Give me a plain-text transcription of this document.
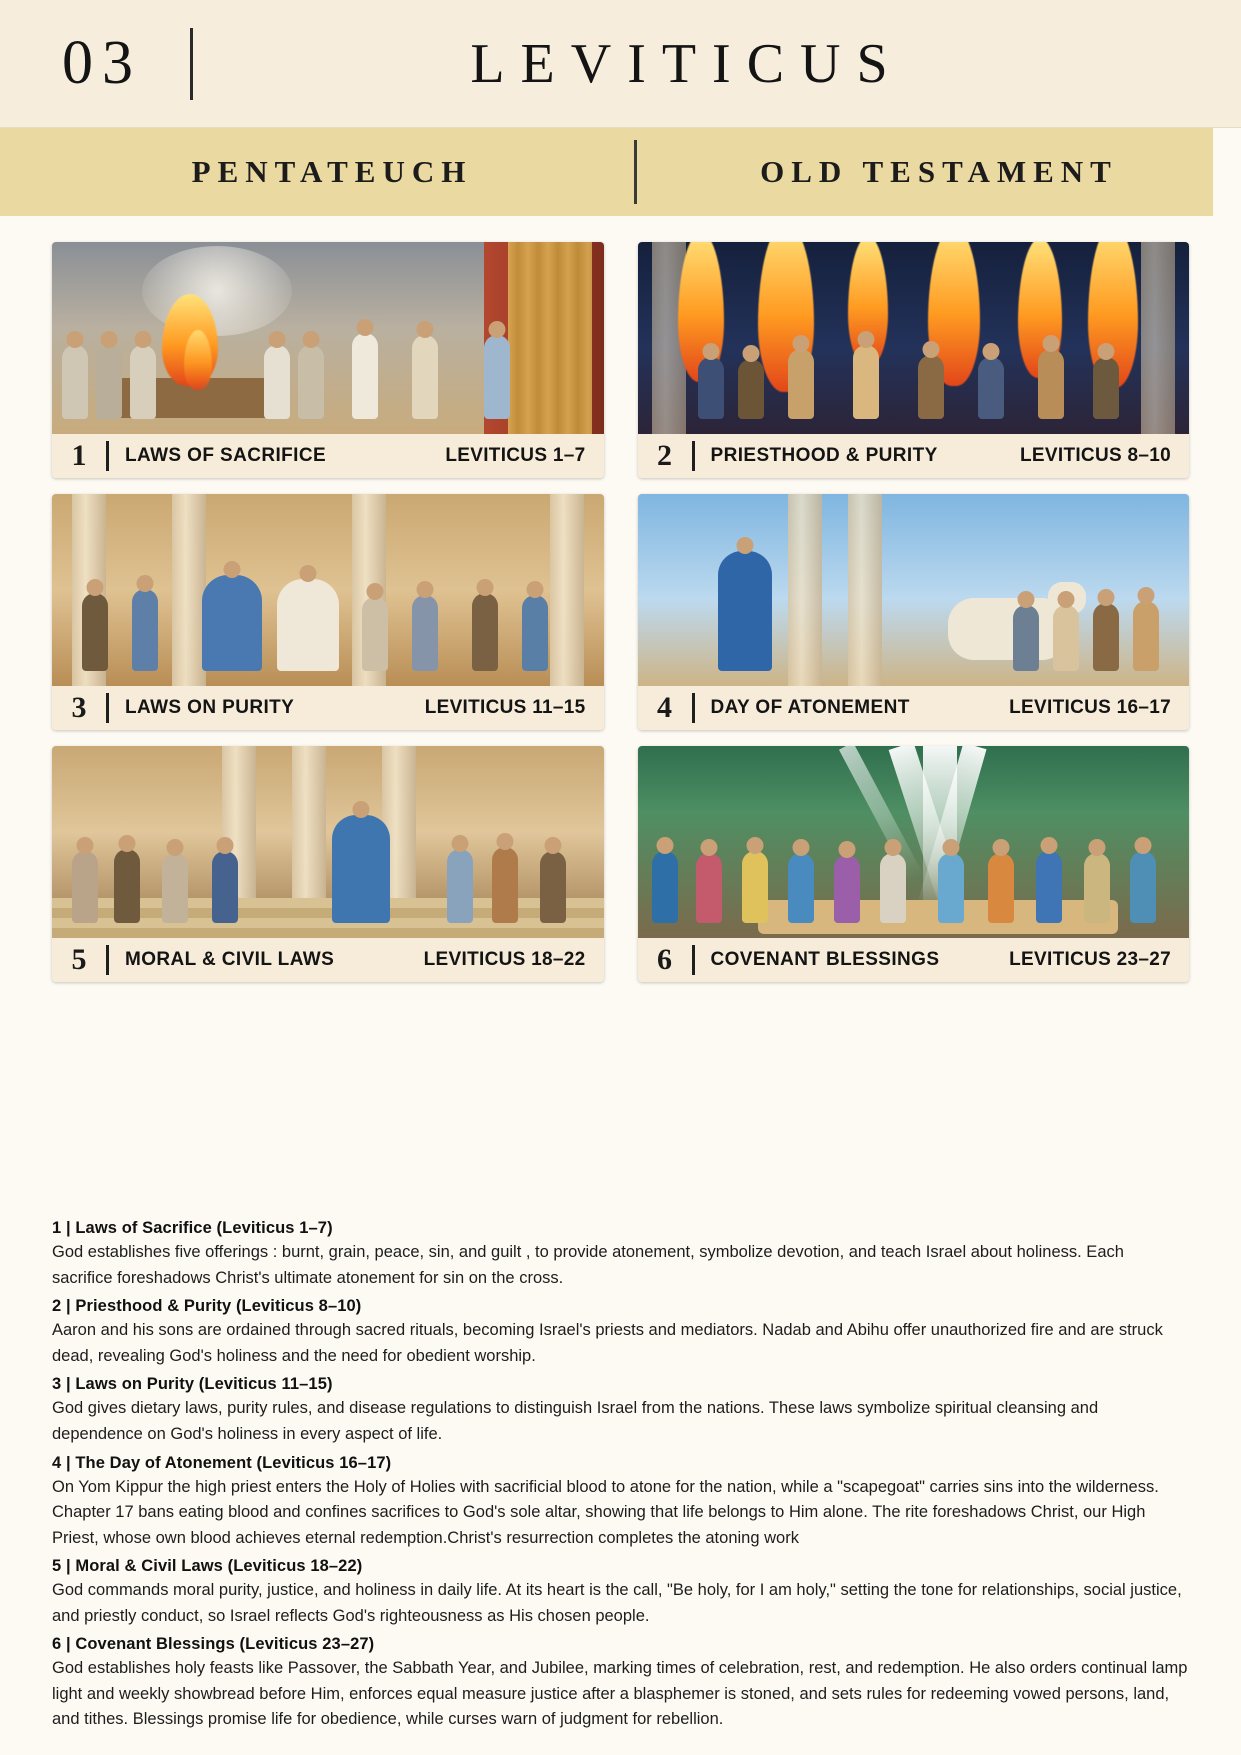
03	LEVITICUS
PENTATEUCH	OLD TESTAMENT
1	LAWS OF SACRIFICE	LEVITICUS 1–7	2	PRIESTHOOD & PURITY	LEVITICUS 8–10
3	LAWS ON PURITY	LEVITICUS 11–15	4	DAY OF ATONEMENT	LEVITICUS 16–17
5	MORAL & CIVIL LAWS	LEVITICUS 18–22	6	COVENANT BLESSINGS	LEVITICUS 23–27
1 | Laws of Sacrifice (Leviticus 1–7)

God establishes five offerings : burnt, grain, peace, sin, and guilt , to provide atonement, symbolize devotion, and teach Israel about holiness. Each sacrifice foreshadows Christ's ultimate atonement for sin on the cross.

2 | Priesthood & Purity (Leviticus 8–10)

Aaron and his sons are ordained through sacred rituals, becoming Israel's priests and mediators. Nadab and Abihu offer unauthorized fire and are struck dead, revealing God's holiness and the need for obedient worship.

3 | Laws on Purity (Leviticus 11–15)

God gives dietary laws, purity rules, and disease regulations to distinguish Israel from the nations. These laws symbolize spiritual cleansing and dependence on God's holiness in every aspect of life.

4 | The Day of Atonement (Leviticus 16–17)

On Yom Kippur the high priest enters the Holy of Holies with sacrificial blood to atone for the nation, while a "scapegoat" carries sins into the wilderness. Chapter 17 bans eating blood and confines sacrifices to God's sole altar, showing that life belongs to Him alone. The rite foreshadows Christ, our High Priest, whose own blood achieves eternal redemption.Christ's resurrection completes the atoning work

5 | Moral & Civil Laws (Leviticus 18–22)

God commands moral purity, justice, and holiness in daily life. At its heart is the call, "Be holy, for I am holy," setting the tone for relationships, social justice, and priestly conduct, so Israel reflects God's righteousness as His chosen people.

6 | Covenant Blessings (Leviticus 23–27)

God establishes holy feasts like Passover, the Sabbath Year, and Jubilee, marking times of celebration, rest, and redemption. He also orders continual lamp light and weekly showbread before Him, enforces equal measure justice after a blasphemer is stoned, and sets rules for redeeming vowed persons, land, and tithes. Blessings promise life for obedience, while curses warn of judgment for rebellion.
